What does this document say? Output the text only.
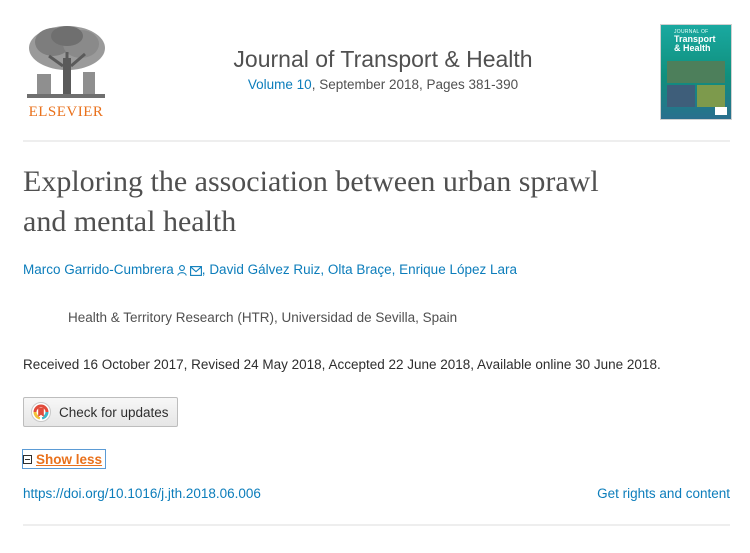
ELSEVIER
Journal of Transport & Health
Volume 10, September 2018, Pages 381-390
JOURNAL OF
Transport
& Health
Exploring the association between urban sprawl
and mental health
Marco Garrido-Cumbrera , David Gálvez Ruiz, Olta Braçe, Enrique López Lara
Health & Territory Research (HTR), Universidad de Sevilla, Spain
Received 16 October 2017, Revised 24 May 2018, Accepted 22 June 2018, Available online 30 June 2018.
Check for updates
Show less
https://doi.org/10.1016/j.jth.2018.06.006	Get rights and content
